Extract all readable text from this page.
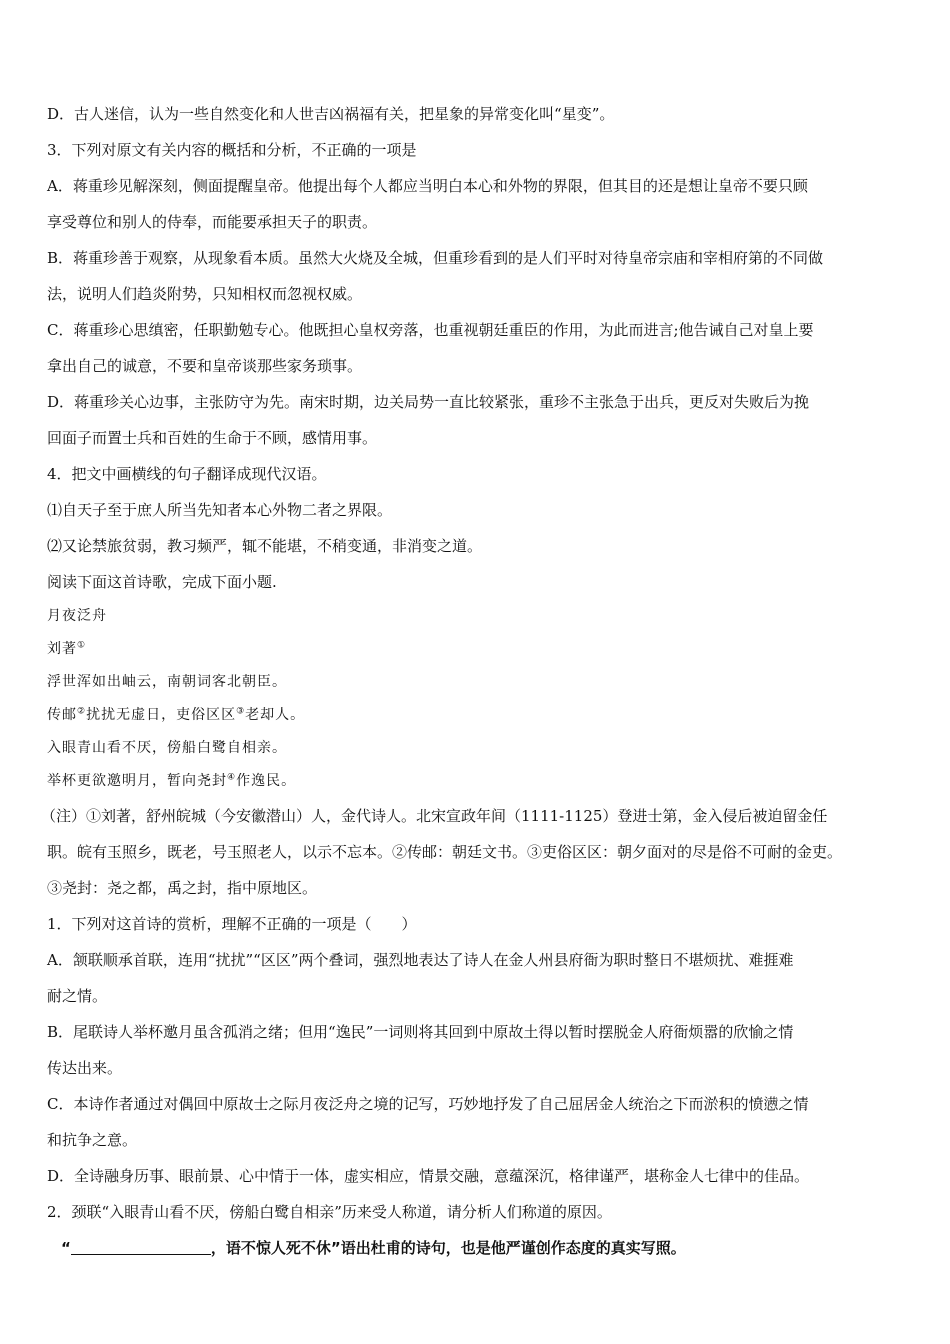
D．古人迷信，认为一些自然变化和人世吉凶祸福有关，把星象的异常变化叫“星变”。

3．下列对原文有关内容的概括和分析，不正确的一项是

A．蒋重珍见解深刻，侧面提醒皇帝。他提出每个人都应当明白本心和外物的界限，但其目的还是想让皇帝不要只顾

享受尊位和别人的侍奉，而能要承担天子的职责。

B．蒋重珍善于观察，从现象看本质。虽然大火烧及全城，但重珍看到的是人们平时对待皇帝宗庙和宰相府第的不同做

法，说明人们趋炎附势，只知相权而忽视权威。

C．蒋重珍心思缜密，任职勤勉专心。他既担心皇权旁落，也重视朝廷重臣的作用，为此而进言;他告诫自己对皇上要

拿出自己的诚意，不要和皇帝谈那些家务琐事。

D．蒋重珍关心边事，主张防守为先。南宋时期，边关局势一直比较紧张，重珍不主张急于出兵，更反对失败后为挽

回面子而置士兵和百姓的生命于不顾，感情用事。

4．把文中画横线的句子翻译成现代汉语。

⑴自天子至于庶人所当先知者本心外物二者之界限。

⑵又论禁旅贫弱，教习频严，辄不能堪，不稍变通，非消变之道。

阅读下面这首诗歌，完成下面小题.

月夜泛舟

刘著①

浮世浑如出岫云，南朝词客北朝臣。

传邮②扰扰无虚日，吏俗区区③老却人。

入眼青山看不厌，傍船白鹭自相亲。

举杯更欲邀明月，暂向尧封④作逸民。

（注）①刘著，舒州皖城（今安徽潜山）人，金代诗人。北宋宣政年间（1111-1125）登进士第，金入侵后被迫留金任

职。皖有玉照乡，既老，号玉照老人，以示不忘本。②传邮：朝廷文书。③吏俗区区：朝夕面对的尽是俗不可耐的金吏。

③尧封：尧之都，禹之封，指中原地区。

1．下列对这首诗的赏析，理解不正确的一项是（　　）

A．颔联顺承首联，连用“扰扰”“区区”两个叠词，强烈地表达了诗人在金人州县府衙为职时整日不堪烦扰、难捱难

耐之情。

B．尾联诗人举杯邀月虽含孤消之绪；但用“逸民”一词则将其回到中原故土得以暂时摆脱金人府衙烦嚣的欣愉之情

传达出来。

C．本诗作者通过对偶回中原故士之际月夜泛舟之境的记写，巧妙地抒发了自己屈居金人统治之下而淤积的愤懑之情

和抗争之意。

D．全诗融身历事、眼前景、心中情于一体，虚实相应，情景交融，意蕴深沉，格律谨严，堪称金人七律中的佳品。

2．颈联“入眼青山看不厌，傍船白鹭自相亲”历来受人称道，请分析人们称道的原因。

“	，语不惊人死不休”语出杜甫的诗句，也是他严谨创作态度的真实写照。
